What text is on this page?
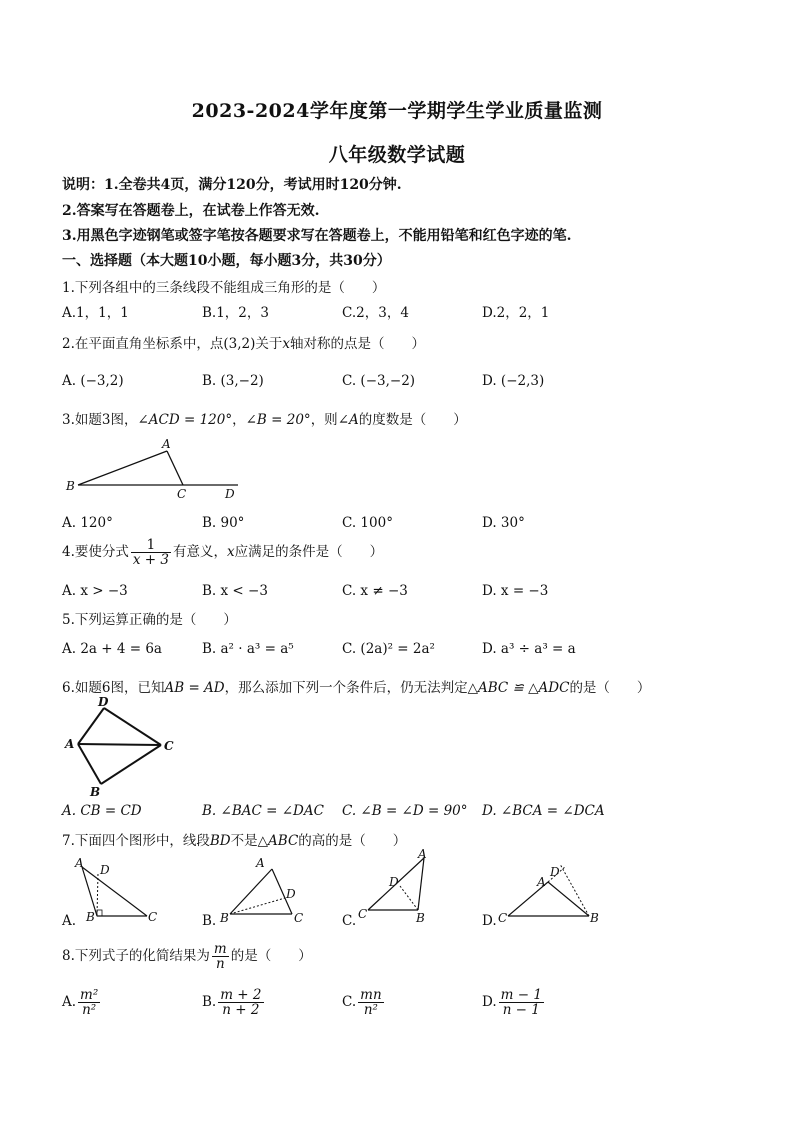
2023-2024学年度第一学期学生学业质量监测
八年级数学试题
说明：1.全卷共4页，满分120分，考试用时120分钟.
2.答案写在答题卷上，在试卷上作答无效.
3.用黑色字迹钢笔或签字笔按各题要求写在答题卷上，不能用铅笔和红色字迹的笔.
一、选择题（本大题10小题，每小题3分，共30分）
1.下列各组中的三条线段不能组成三角形的是（　　）
A.1，1，1	B.1，2，3	C.2，3，4	D.2，2，1
2.在平面直角坐标系中，点(3,2)关于x轴对称的点是（　　）
A. (−3,2)	B. (3,−2)	C. (−3,−2)	D. (−2,3)
3.如题3图，∠ACD = 120°，∠B = 20°，则∠A的度数是（　　）
A
B
C	D
A. 120°	B. 90°	C. 100°	D. 30°
4.要使分式 $\frac{1}{x + 3}$ 有意义，x应满足的条件是（　　）
A. x > −3	B. x < −3	C. x ≠ −3	D. x = −3
5.下列运算正确的是（　　）
A. 2a + 4 = 6a	B. a² · a³ = a⁵	C. (2a)² = 2a²	D. a³ ÷ a³ = a
6.如题6图，已知AB = AD，那么添加下列一个条件后，仍无法判定△ABC ≌ △ADC的是（　　）
D
A	C
B
A. CB = CD	B. ∠BAC = ∠DAC C. ∠B = ∠D = 90° D. ∠BCA = ∠DCA
7.下面四个图形中，线段BD不是△ABC的高的是（　　）
A.
A D
B	C	B.
A
D
B	C	C.
A
D
B
C	D.
A
D
B
C
8.下列式子的化简结果为 $\frac{m}{n}$ 的是（　　）
A. $\frac{\text{m²}}{\text{n²}}$	B. $\frac{m + 2}{n + 2}$	C. $\frac{mn}{\text{n²}}$	D. $\frac{m - 1}{n - 1}$
